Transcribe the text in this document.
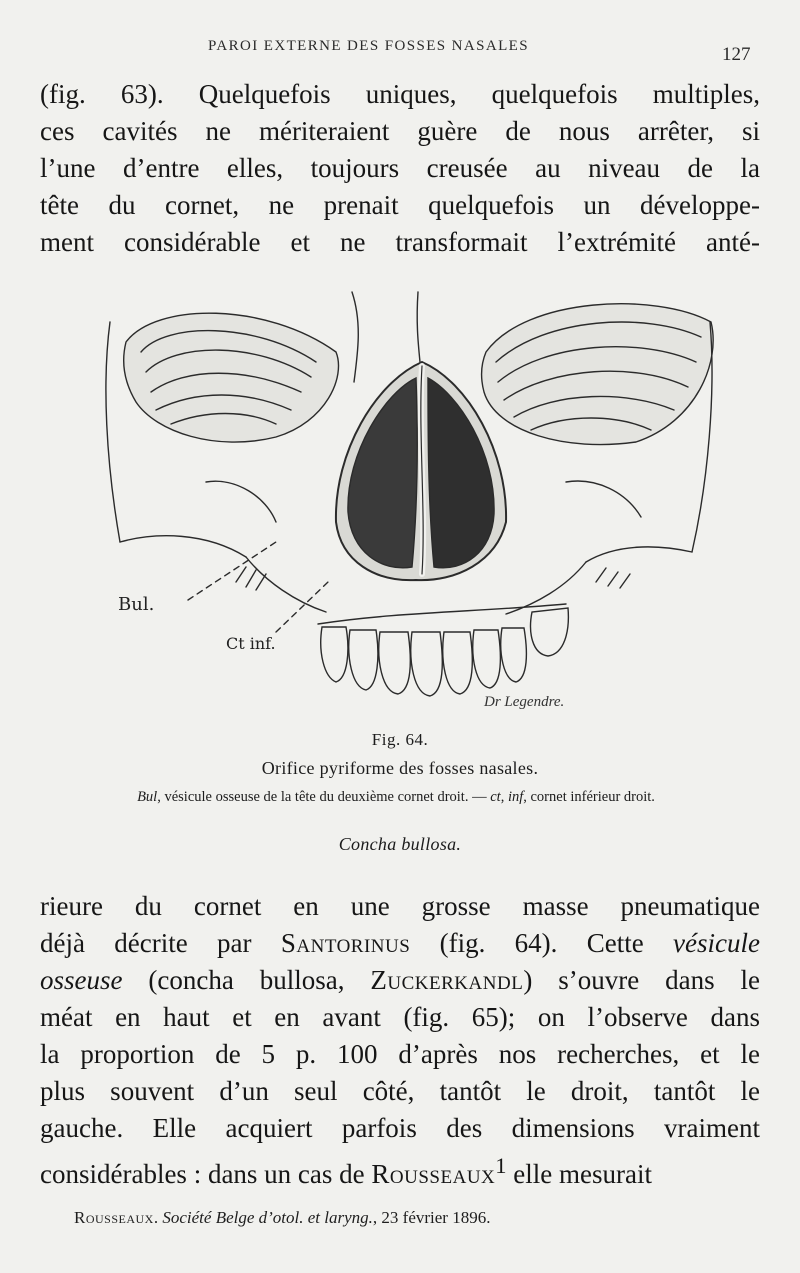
PAROI EXTERNE DES FOSSES NASALES	127

(fig. 63). Quelquefois uniques, quelquefois multiples,
ces cavités ne mériteraient guère de nous arrêter, si
l’une d’entre elles, toujours creusée au niveau de la
tête du cornet, ne prenait quelquefois un développe-
ment considérable et ne transformait l’extrémité anté-

Bul.
Ct inf.
Dr Legendre.

Fig. 64.

Orifice pyriforme des fosses nasales.

Bul, vésicule osseuse de la tête du deuxième cornet droit. — ct, inf, cornet inférieur droit.

Concha bullosa.

rieure du cornet en une grosse masse pneumatique
déjà décrite par Santorinus (fig. 64). Cette vésicule
osseuse (concha bullosa, Zuckerkandl) s’ouvre dans le
méat en haut et en avant (fig. 65); on l’observe dans
la proportion de 5 p. 100 d’après nos recherches, et le
plus souvent d’un seul côté, tantôt le droit, tantôt le
gauche. Elle acquiert parfois des dimensions vraiment
considérables : dans un cas de Rousseaux$^1$ elle mesurait

Rousseaux. Société Belge d’otol. et laryng., 23 février 1896.
